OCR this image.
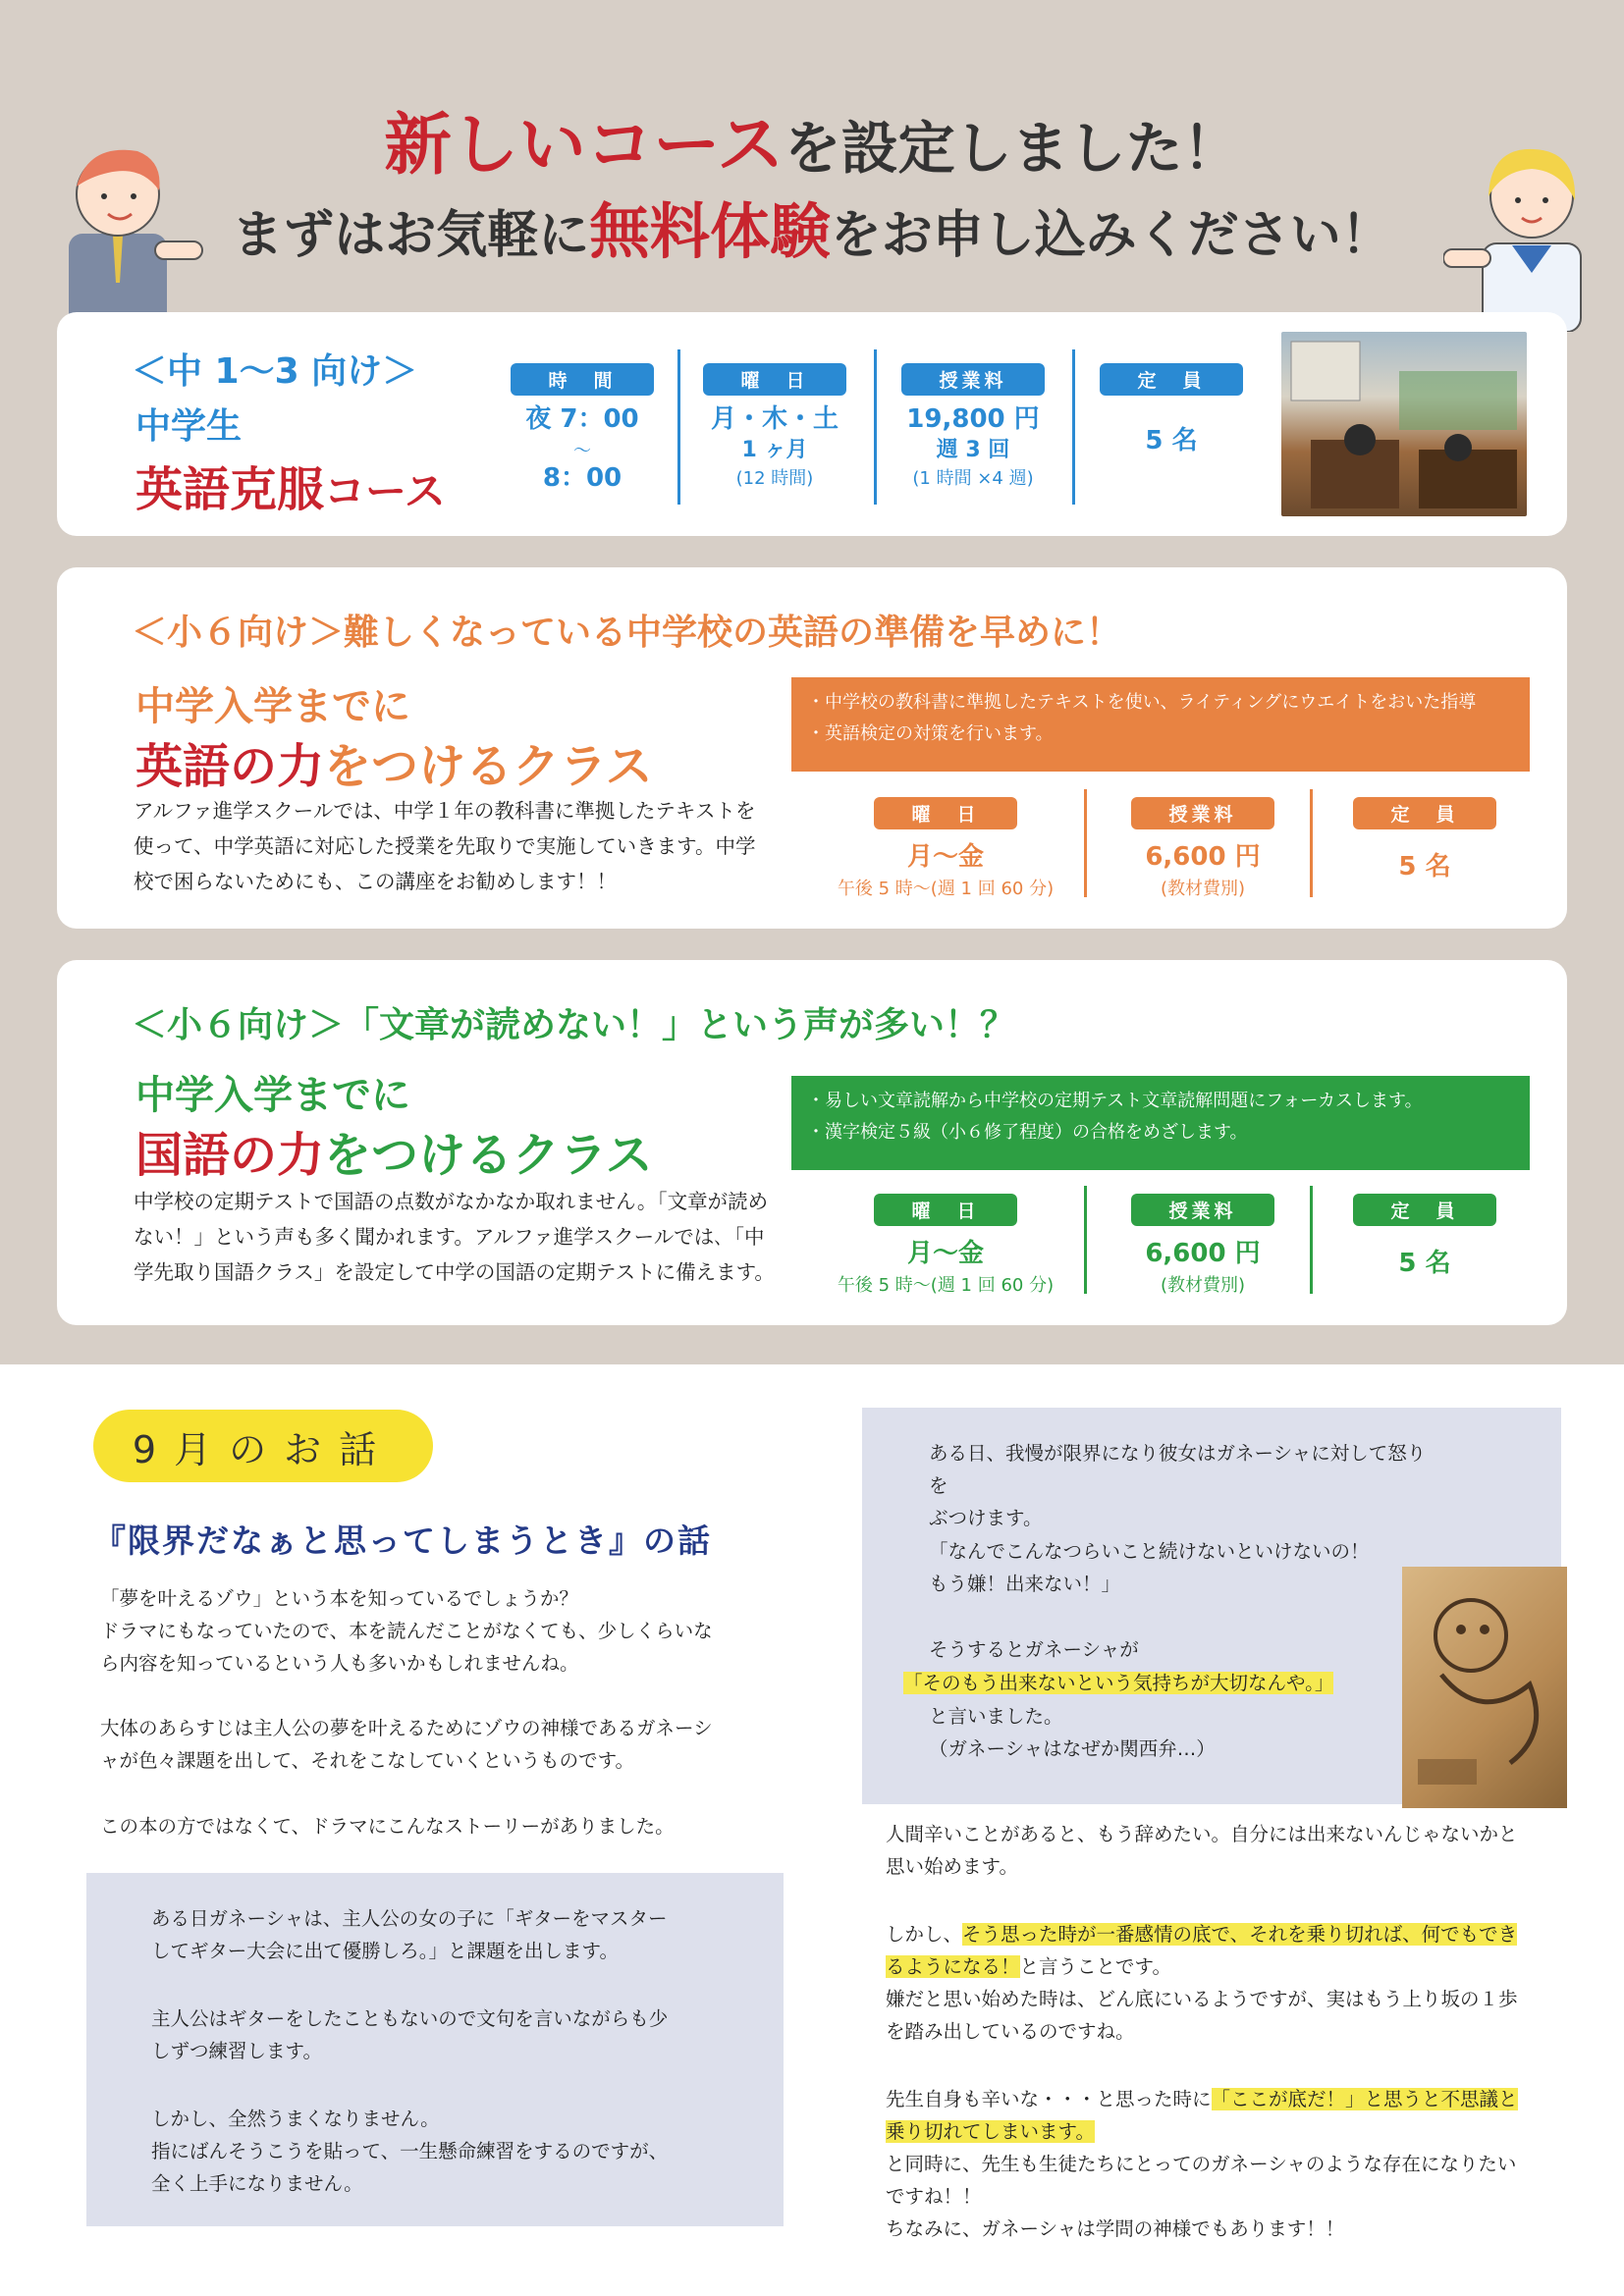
新しいコースを設定しました！
まずはお気軽に無料体験をお申し込みください！
＜中 1〜3 向け＞
中学生
英語克服コース
時　間
夜 7：00
〜
8：00
曜　日
月・木・土
1 ヶ月
(12 時間)
授業料
19,800 円
週 3 回
(1 時間 ×4 週)
定　員
5 名
＜小６向け＞難しくなっている中学校の英語の準備を早めに！
中学入学までに
英語の力をつけるクラス
アルファ進学スクールでは、中学１年の教科書に準拠したテキストを使って、中学英語に対応した授業を先取りで実施していきます。中学校で困らないためにも、この講座をお勧めします！！
・中学校の教科書に準拠したテキストを使い、ライティングにウエイトをおいた指導
・英語検定の対策を行います。
曜　日
月〜金
午後 5 時〜(週 1 回 60 分)
授業料
6,600 円
(教材費別)
定　員
5 名
＜小６向け＞「文章が読めない！」という声が多い！？
中学入学までに
国語の力をつけるクラス
中学校の定期テストで国語の点数がなかなか取れません。「文章が読めない！」という声も多く聞かれます。アルファ進学スクールでは､「中学先取り国語クラス」を設定して中学の国語の定期テストに備えます。
・易しい文章読解から中学校の定期テスト文章読解問題にフォーカスします。
・漢字検定５級（小６修了程度）の合格をめざします。
曜　日
月〜金
午後 5 時〜(週 1 回 60 分)
授業料
6,600 円
(教材費別)
定　員
5 名
9月のお話
『限界だなぁと思ってしまうとき』の話
「夢を叶えるゾウ」という本を知っているでしょうか？
ドラマにもなっていたので、本を読んだことがなくても、少しくらいな
ら内容を知っているという人も多いかもしれませんね。
大体のあらすじは主人公の夢を叶えるためにゾウの神様であるガネーシ
ャが色々課題を出して、それをこなしていくというものです。
この本の方ではなくて、ドラマにこんなストーリーがありました。
ある日ガネーシャは、主人公の女の子に「ギターをマスター
してギター大会に出て優勝しろ。」と課題を出します。
主人公はギターをしたこともないので文句を言いながらも少
しずつ練習します。
しかし、全然うまくなりません。
指にばんそうこうを貼って、一生懸命練習をするのですが、
全く上手になりません。
ある日、我慢が限界になり彼女はガネーシャに対して怒りを
ぶつけます。
「なんでこんなつらいこと続けないといけないの！
もう嫌！出来ない！」
そうするとガネーシャが
「そのもう出来ないという気持ちが大切なんや。」
と言いました。
（ガネーシャはなぜか関西弁…）
人間辛いことがあると、もう辞めたい。自分には出来ないんじゃないかと
思い始めます。
しかし、そう思った時が一番感情の底で、それを乗り切れば、何でもでき
るようになる！と言うことです。
嫌だと思い始めた時は、どん底にいるようですが、実はもう上り坂の１歩
を踏み出しているのですね。
先生自身も辛いな・・・と思った時に「ここが底だ！」と思うと不思議と
乗り切れてしまいます。
と同時に、先生も生徒たちにとってのガネーシャのような存在になりたい
ですね！！
ちなみに、ガネーシャは学問の神様でもあります！！
